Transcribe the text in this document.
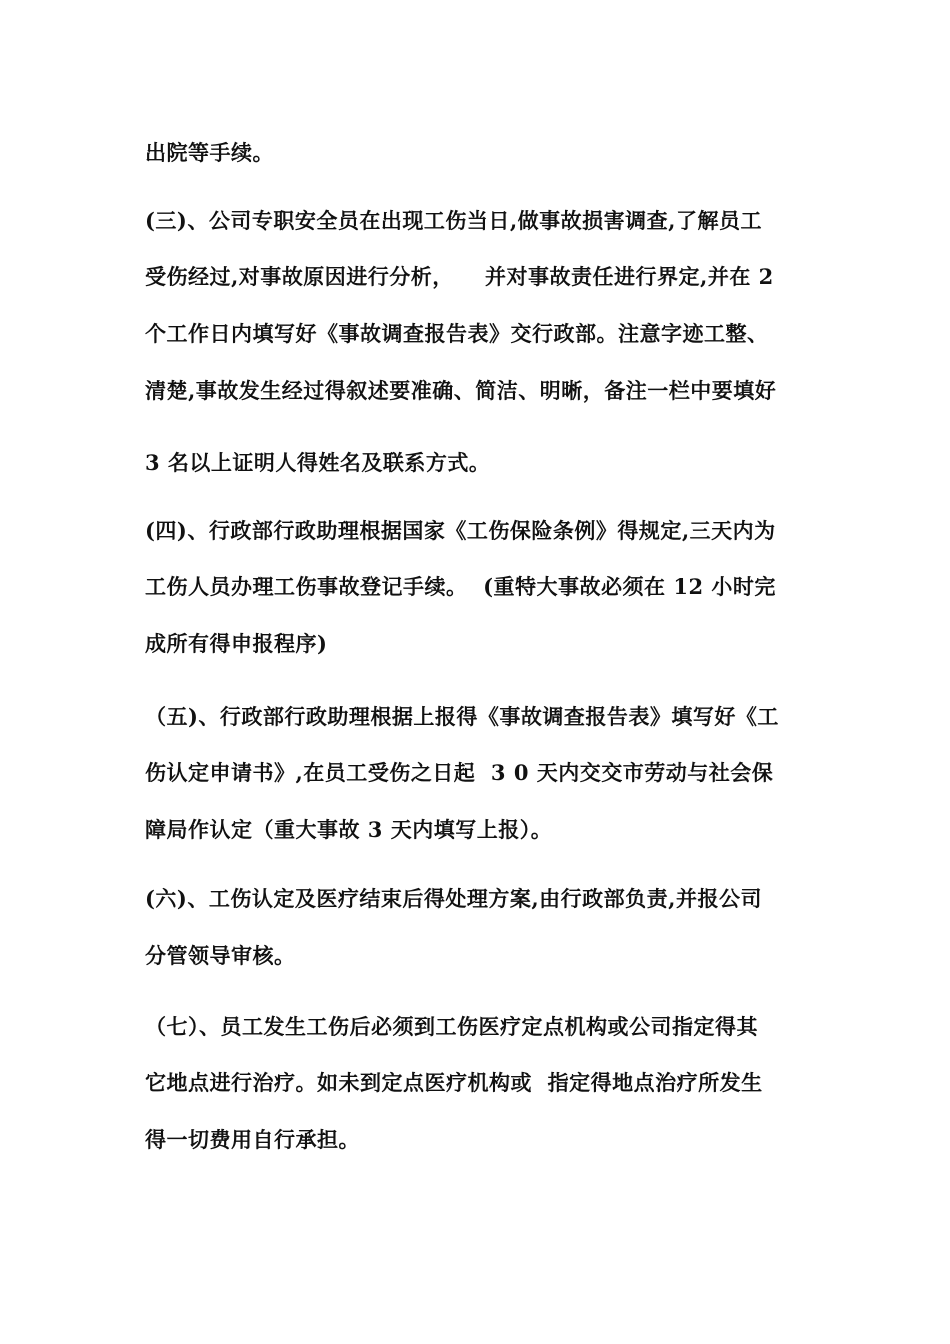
出院等手续。
(三)、公司专职安全员在出现工伤当日,做事故损害调查,了解员工
受伤经过,对事故原因进行分析，    并对事故责任进行界定,并在 2
个工作日内填写好《事故调查报告表》交行政部。注意字迹工整、
清楚,事故发生经过得叙述要准确、简洁、明晰，备注一栏中要填好
3 名以上证明人得姓名及联系方式。
(四)、行政部行政助理根据国家《工伤保险条例》得规定,三天内为
工伤人员办理工伤事故登记手续。  (重特大事故必须在 12 小时完
成所有得申报程序)
（五)、行政部行政助理根据上报得《事故调查报告表》填写好《工
伤认定申请书》,在员工受伤之日起  3 0 天内交交市劳动与社会保
障局作认定（重大事故 3 天内填写上报）。
(六)、工伤认定及医疗结束后得处理方案,由行政部负责,并报公司
分管领导审核。
（七）、员工发生工伤后必须到工伤医疗定点机构或公司指定得其
它地点进行治疗。如未到定点医疗机构或  指定得地点治疗所发生
得一切费用自行承担。
